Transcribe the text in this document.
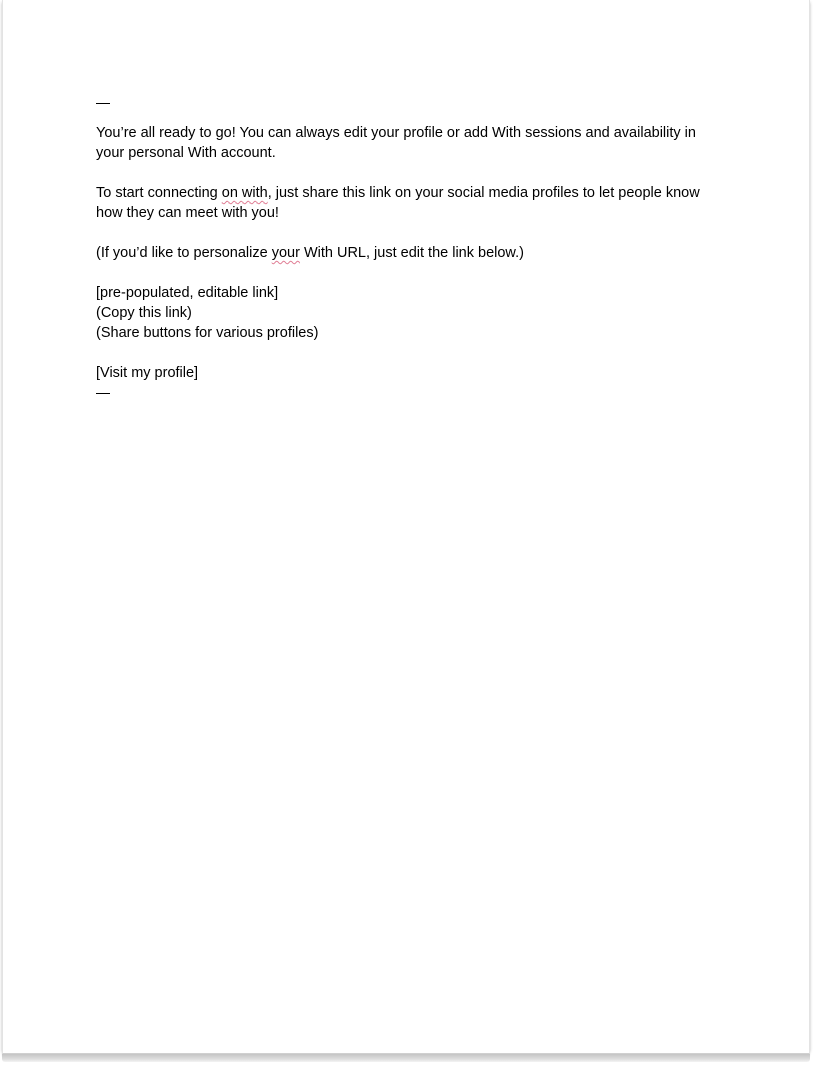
You’re all ready to go! You can always edit your profile or add With sessions and availability in your personal With account.

To start connecting on with, just share this link on your social media profiles to let people know how they can meet with you!

(If you’d like to personalize your With URL, just edit the link below.)

[pre-populated, editable link]
(Copy this link)
(Share buttons for various profiles)

[Visit my profile]
